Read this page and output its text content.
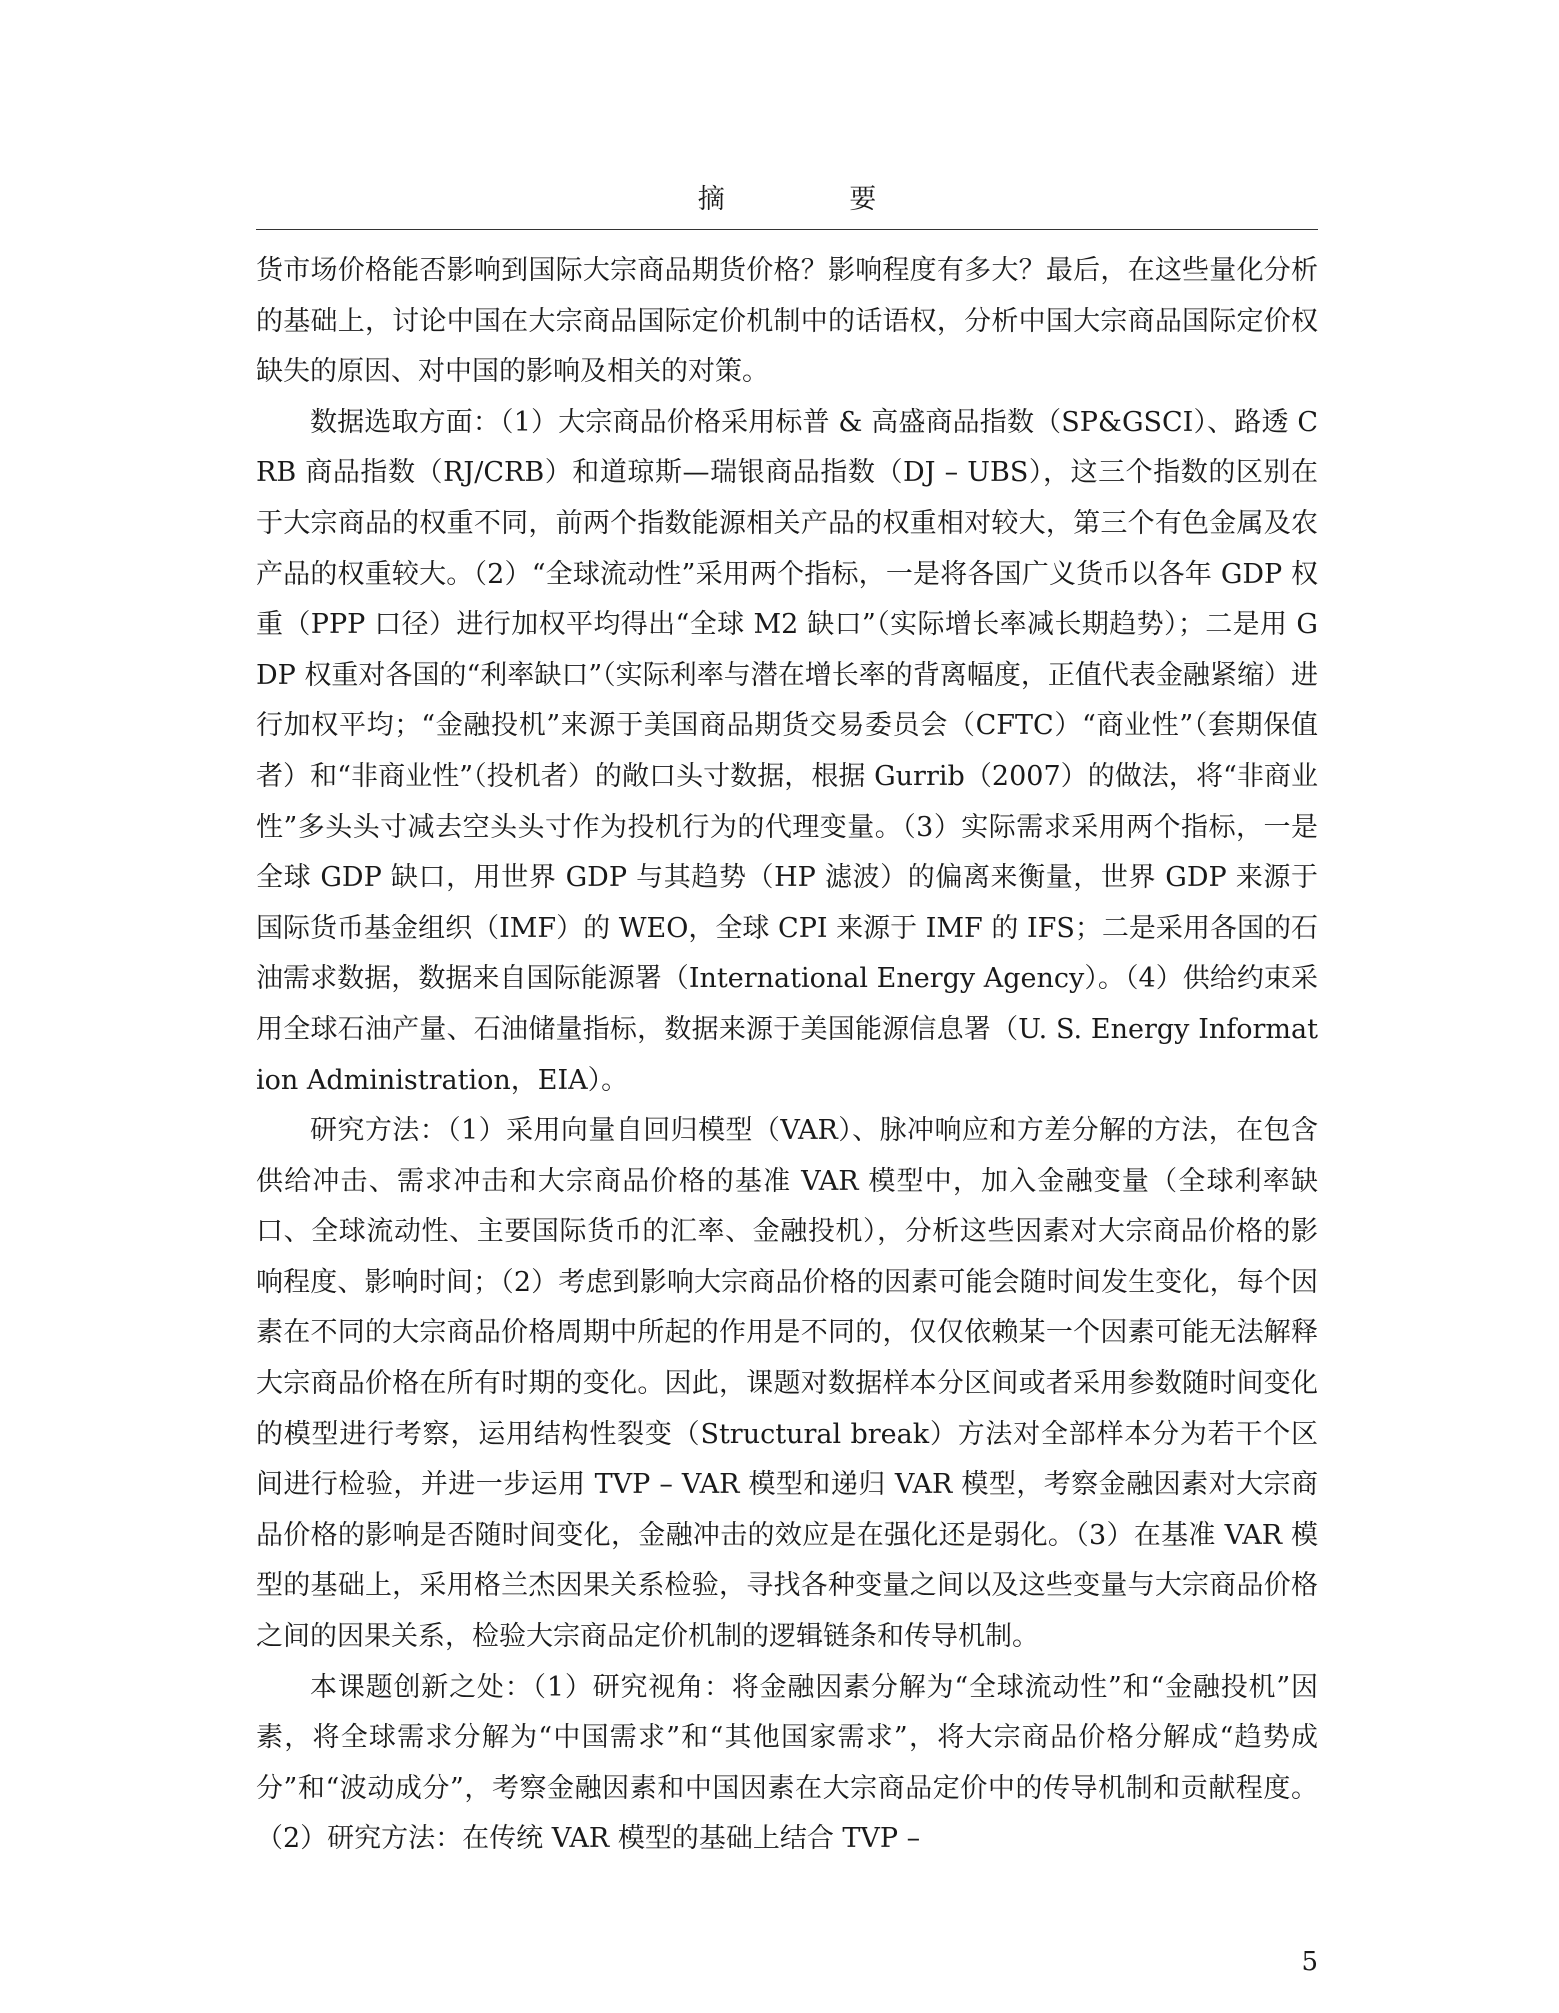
摘 要

货市场价格能否影响到国际大宗商品期货价格？影响程度有多大？最后，在这些量化分析的基础上，讨论中国在大宗商品国际定价机制中的话语权，分析中国大宗商品国际定价权缺失的原因、对中国的影响及相关的对策。

数据选取方面：（1）大宗商品价格采用标普 & 高盛商品指数（SP&GSCI）、路透 CRB 商品指数（RJ/CRB）和道琼斯—瑞银商品指数（DJ – UBS），这三个指数的区别在于大宗商品的权重不同，前两个指数能源相关产品的权重相对较大，第三个有色金属及农产品的权重较大。（2）“全球流动性”采用两个指标，一是将各国广义货币以各年 GDP 权重（PPP 口径）进行加权平均得出“全球 M2 缺口”（实际增长率减长期趋势）；二是用 GDP 权重对各国的“利率缺口”（实际利率与潜在增长率的背离幅度，正值代表金融紧缩）进行加权平均；“金融投机”来源于美国商品期货交易委员会（CFTC）“商业性”（套期保值者）和“非商业性”（投机者）的敞口头寸数据，根据 Gurrib（2007）的做法，将“非商业性”多头头寸减去空头头寸作为投机行为的代理变量。（3）实际需求采用两个指标，一是全球 GDP 缺口，用世界 GDP 与其趋势（HP 滤波）的偏离来衡量，世界 GDP 来源于国际货币基金组织（IMF）的 WEO，全球 CPI 来源于 IMF 的 IFS；二是采用各国的石油需求数据，数据来自国际能源署（International Energy Agency）。（4）供给约束采用全球石油产量、石油储量指标，数据来源于美国能源信息署（U. S. Energy Information Administration，EIA）。

研究方法：（1）采用向量自回归模型（VAR）、脉冲响应和方差分解的方法，在包含供给冲击、需求冲击和大宗商品价格的基准 VAR 模型中，加入金融变量（全球利率缺口、全球流动性、主要国际货币的汇率、金融投机），分析这些因素对大宗商品价格的影响程度、影响时间；（2）考虑到影响大宗商品价格的因素可能会随时间发生变化，每个因素在不同的大宗商品价格周期中所起的作用是不同的，仅仅依赖某一个因素可能无法解释大宗商品价格在所有时期的变化。因此，课题对数据样本分区间或者采用参数随时间变化的模型进行考察，运用结构性裂变（Structural break）方法对全部样本分为若干个区间进行检验，并进一步运用 TVP – VAR 模型和递归 VAR 模型，考察金融因素对大宗商品价格的影响是否随时间变化，金融冲击的效应是在强化还是弱化。（3）在基准 VAR 模型的基础上，采用格兰杰因果关系检验，寻找各种变量之间以及这些变量与大宗商品价格之间的因果关系，检验大宗商品定价机制的逻辑链条和传导机制。

本课题创新之处：（1）研究视角：将金融因素分解为“全球流动性”和“金融投机”因素，将全球需求分解为“中国需求”和“其他国家需求”，将大宗商品价格分解成“趋势成分”和“波动成分”，考察金融因素和中国因素在大宗商品定价中的传导机制和贡献程度。（2）研究方法：在传统 VAR 模型的基础上结合 TVP –

5
